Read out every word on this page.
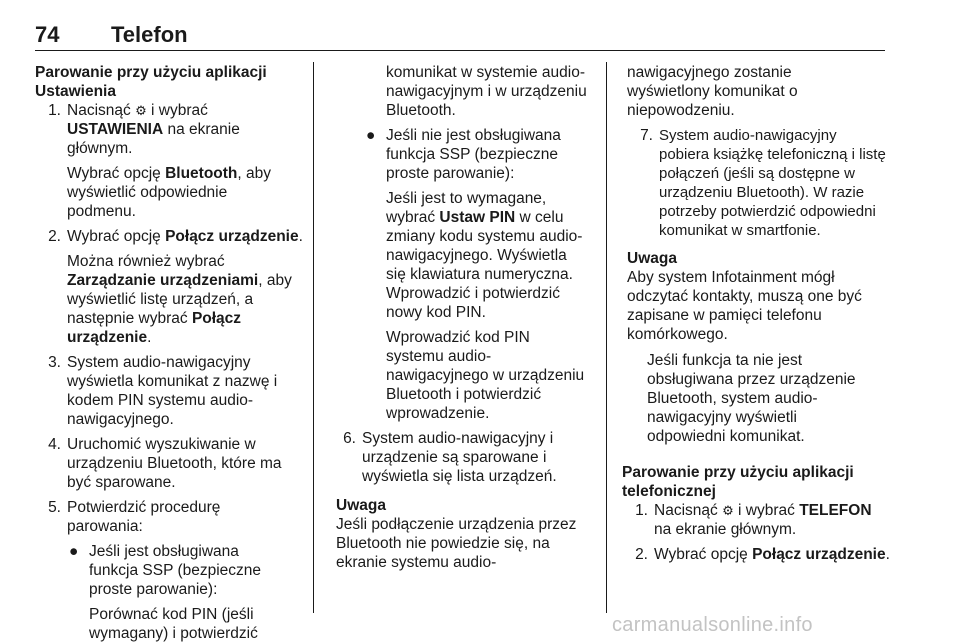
74 Telefon

Parowanie przy użyciu aplikacji
Ustawienia

1. Nacisnąć ⚙ i wybrać
USTAWIENIA na ekranie
głównym.

Wybrać opcję Bluetooth, aby
wyświetlić odpowiednie
podmenu.

2. Wybrać opcję Połącz urządzenie.

Można również wybrać
Zarządzanie urządzeniami, aby
wyświetlić listę urządzeń, a
następnie wybrać Połącz
urządzenie.

3. System audio-nawigacyjny
wyświetla komunikat z nazwę i
kodem PIN systemu audio-
nawigacyjnego.
4. Uruchomić wyszukiwanie w
urządzeniu Bluetooth, które ma
być sparowane.
5. Potwierdzić procedurę
parowania:
● Jeśli jest obsługiwana
funkcja SSP (bezpieczne
proste parowanie):

Porównać kod PIN (jeśli
wymagany) i potwierdzić

komunikat w systemie audio-
nawigacyjnym i w urządzeniu
Bluetooth.
● Jeśli nie jest obsługiwana
funkcja SSP (bezpieczne
proste parowanie):

Jeśli jest to wymagane,
wybrać Ustaw PIN w celu
zmiany kodu systemu audio-
nawigacyjnego. Wyświetla
się klawiatura numeryczna.
Wprowadzić i potwierdzić
nowy kod PIN.

Wprowadzić kod PIN
systemu audio-
nawigacyjnego w urządzeniu
Bluetooth i potwierdzić
wprowadzenie.

6. System audio-nawigacyjny i
urządzenie są sparowane i
wyświetla się lista urządzeń.

Uwaga
Jeśli podłączenie urządzenia przez
Bluetooth nie powiedzie się, na
ekranie systemu audio-

nawigacyjnego zostanie
wyświetlony komunikat o
niepowodzeniu.

7. System audio-nawigacyjny
pobiera książkę telefoniczną i listę
połączeń (jeśli są dostępne w
urządzeniu Bluetooth). W razie
potrzeby potwierdzić odpowiedni
komunikat w smartfonie.

Uwaga
Aby system Infotainment mógł
odczytać kontakty, muszą one być
zapisane w pamięci telefonu
komórkowego.

Jeśli funkcja ta nie jest
obsługiwana przez urządzenie
Bluetooth, system audio-
nawigacyjny wyświetli
odpowiedni komunikat.

Parowanie przy użyciu aplikacji
telefonicznej

1. Nacisnąć ⚙ i wybrać TELEFON
na ekranie głównym.
2. Wybrać opcję Połącz urządzenie.
carmanualsonline.info
